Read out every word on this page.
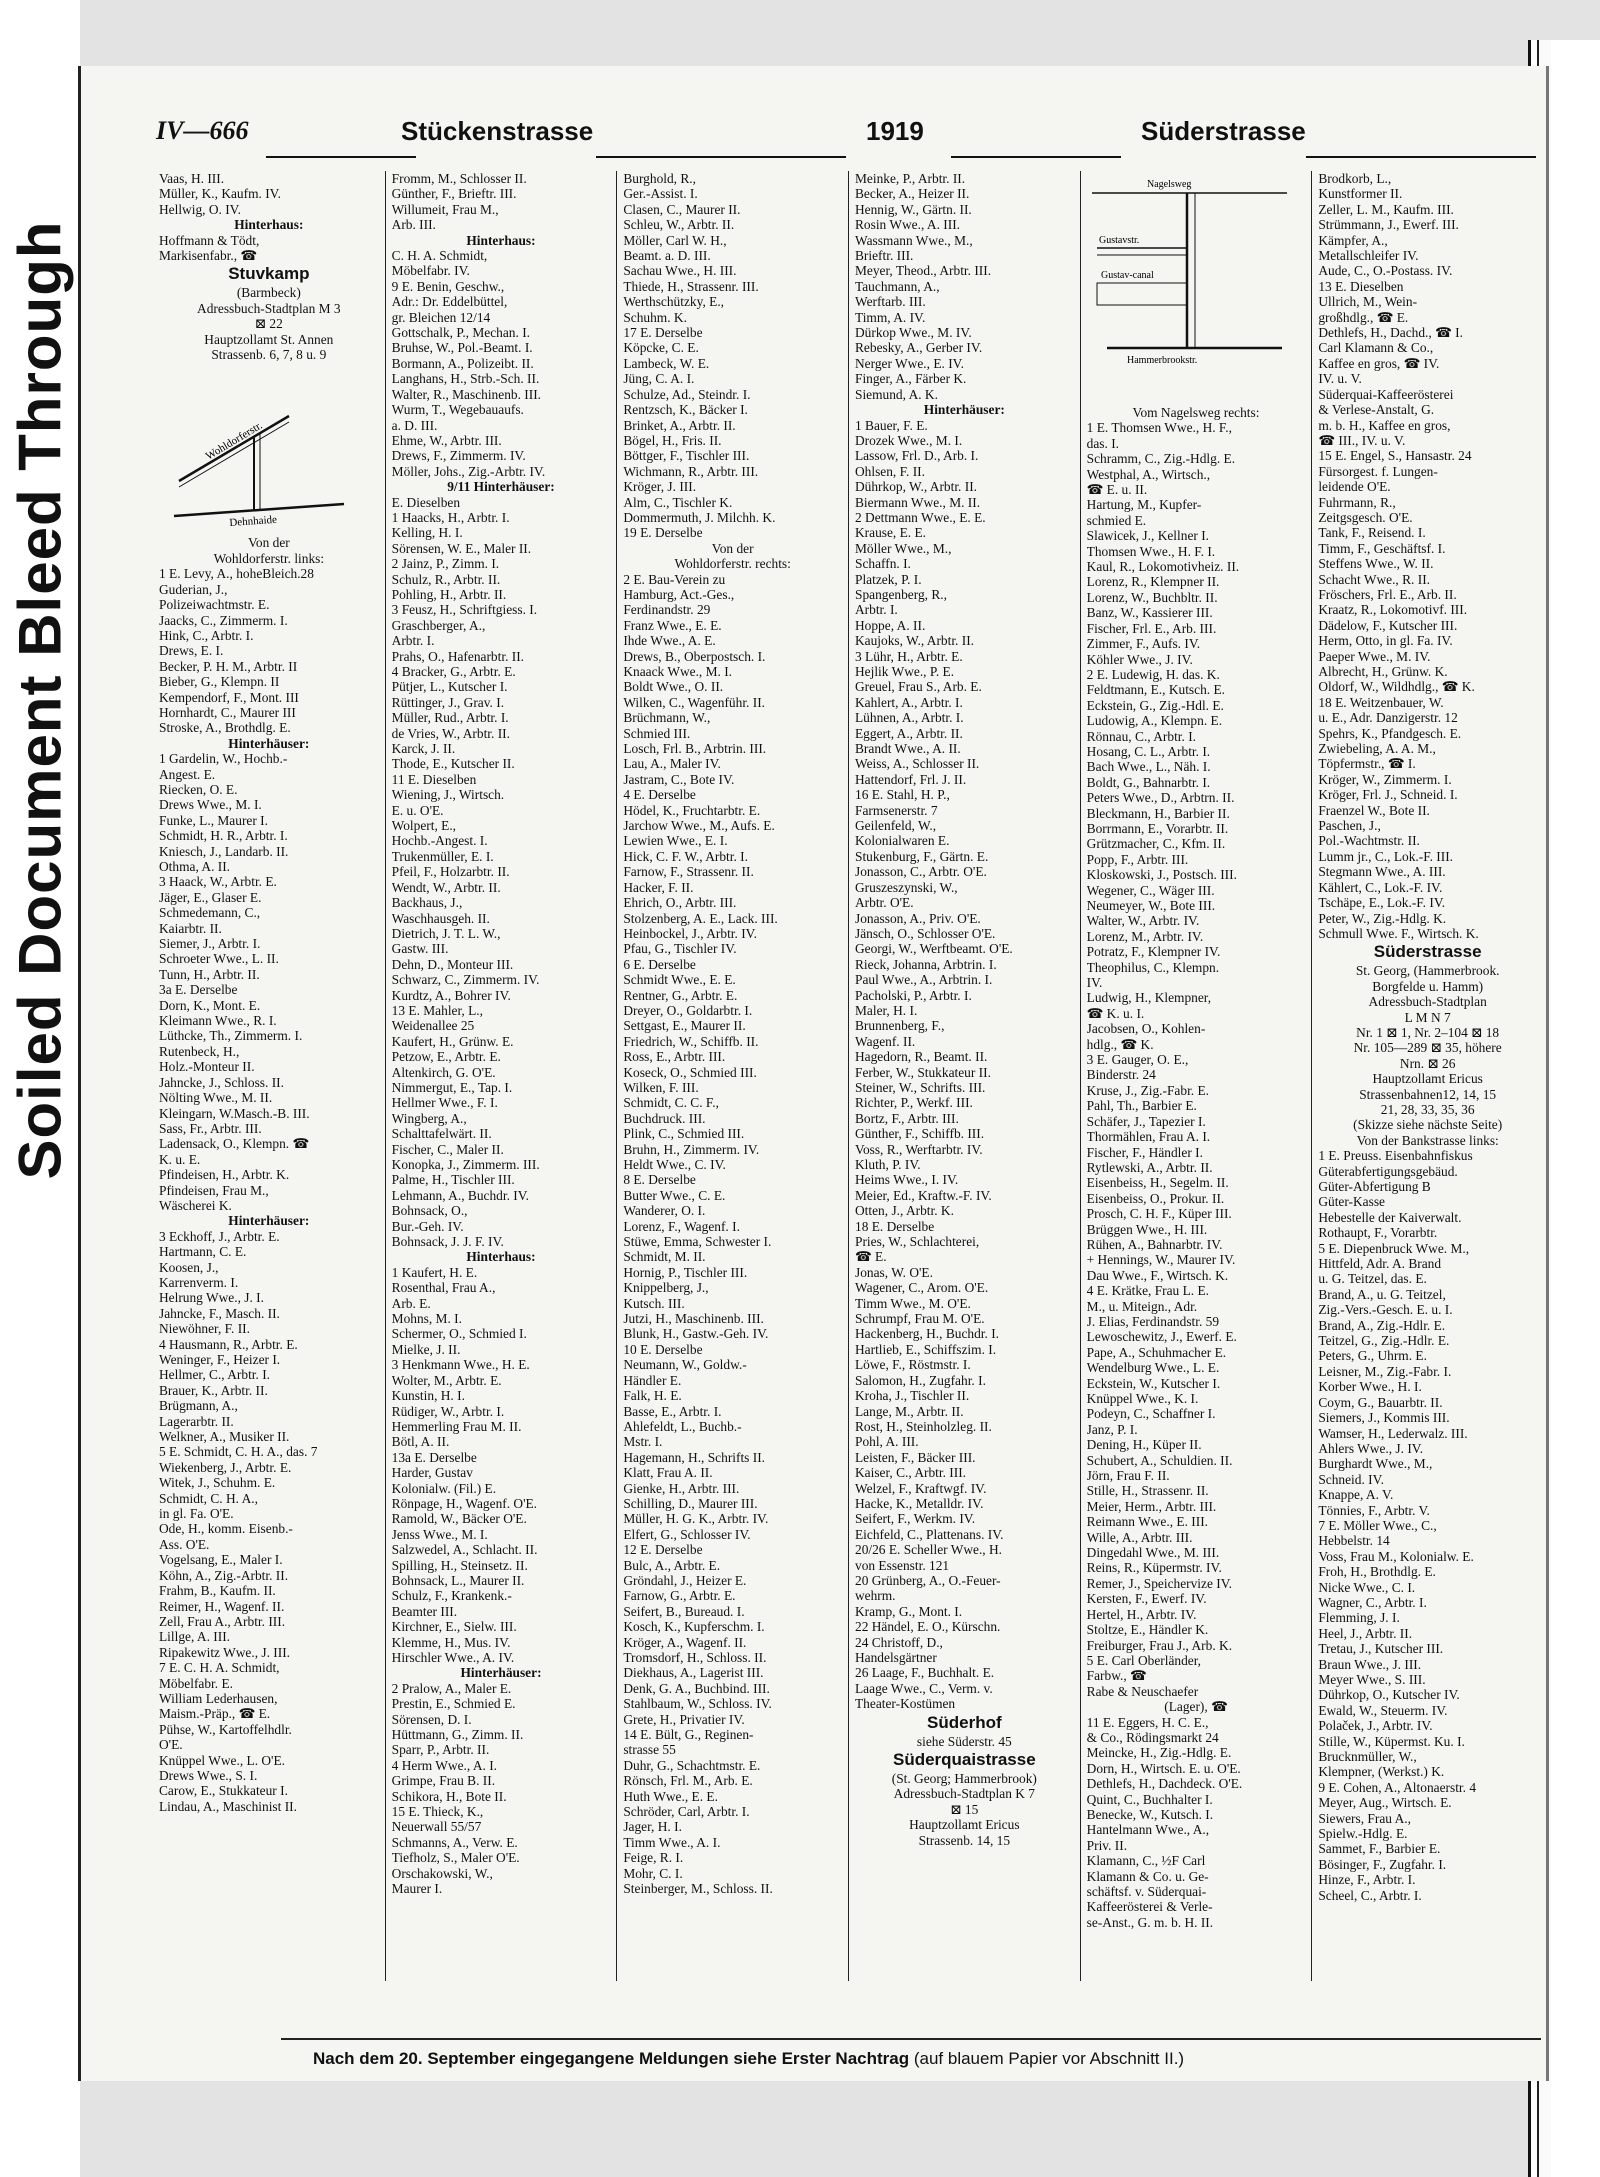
Soiled Document Bleed Through
IV—666	Stückenstrasse	1919	Süderstrasse
Vaas, H. III.
Müller, K., Kaufm. IV.
Hellwig, O. IV.
Hinterhaus:
Hoffmann & Tödt,
Markisenfabr., ☎
Stuvkamp
(Barmbeck)
Adressbuch-Stadtplan M 3
⊠ 22
Hauptzollamt St. Annen
Strassenb. 6, 7, 8 u. 9
Wohldorferstr.
Dehnhaide
Von der
Wohldorferstr. links:
1 E. Levy, A., hoheBleich.28
Guderian, J.,
Polizeiwachtmstr. E.
Jaacks, C., Zimmerm. I.
Hink, C., Arbtr. I.
Drews, E. I.
Becker, P. H. M., Arbtr. II
Bieber, G., Klempn. II
Kempendorf, F., Mont. III
Hornhardt, C., Maurer III
Stroske, A., Brothdlg. E.
Hinterhäuser:
1 Gardelin, W., Hochb.-
Angest. E.
Riecken, O. E.
Drews Wwe., M. I.
Funke, L., Maurer I.
Schmidt, H. R., Arbtr. I.
Kniesch, J., Landarb. II.
Othma, A. II.
3 Haack, W., Arbtr. E.
Jäger, E., Glaser E.
Schmedemann, C.,
Kaiarbtr. II.
Siemer, J., Arbtr. I.
Schroeter Wwe., L. II.
Tunn, H., Arbtr. II.
3a E. Derselbe
Dorn, K., Mont. E.
Kleimann Wwe., R. I.
Lüthcke, Th., Zimmerm. I.
Rutenbeck, H.,
Holz.-Monteur II.
Jahncke, J., Schloss. II.
Nölting Wwe., M. II.
Kleingarn, W.Masch.-B. III.
Sass, Fr., Arbtr. III.
Ladensack, O., Klempn. ☎
K. u. E.
Pfindeisen, H., Arbtr. K.
Pfindeisen, Frau M.,
Wäscherei K.
Hinterhäuser:
3 Eckhoff, J., Arbtr. E.
Hartmann, C. E.
Koosen, J.,
Karrenverm. I.
Helrung Wwe., J. I.
Jahncke, F., Masch. II.
Niewöhner, F. II.
4 Hausmann, R., Arbtr. E.
Weninger, F., Heizer I.
Hellmer, C., Arbtr. I.
Brauer, K., Arbtr. II.
Brügmann, A.,
Lagerarbtr. II.
Welkner, A., Musiker II.
5 E. Schmidt, C. H. A., das. 7
Wiekenberg, J., Arbtr. E.
Witek, J., Schuhm. E.
Schmidt, C. H. A.,
in gl. Fa. O'E.
Ode, H., komm. Eisenb.-
Ass. O'E.
Vogelsang, E., Maler I.
Köhn, A., Zig.-Arbtr. II.
Frahm, B., Kaufm. II.
Reimer, H., Wagenf. II.
Zell, Frau A., Arbtr. III.
Lillge, A. III.
Ripakewitz Wwe., J. III.
7 E. C. H. A. Schmidt,
Möbelfabr. E.
William Lederhausen,
Maism.-Präp., ☎ E.
Pühse, W., Kartoffelhdlr.
O'E.
Knüppel Wwe., L. O'E.
Drews Wwe., S. I.
Carow, E., Stukkateur I.
Lindau, A., Maschinist II.
Fromm, M., Schlosser II.
Günther, F., Brieftr. III.
Willumeit, Frau M.,
Arb. III.
Hinterhaus:
C. H. A. Schmidt,
Möbelfabr. IV.
9 E. Benin, Geschw.,
Adr.: Dr. Eddelbüttel,
gr. Bleichen 12/14
Gottschalk, P., Mechan. I.
Bruhse, W., Pol.-Beamt. I.
Bormann, A., Polizeibt. II.
Langhans, H., Strb.-Sch. II.
Walter, R., Maschinenb. III.
Wurm, T., Wegebauaufs.
a. D. III.
Ehme, W., Arbtr. III.
Drews, F., Zimmerm. IV.
Möller, Johs., Zig.-Arbtr. IV.
9/11 Hinterhäuser:
E. Dieselben
1 Haacks, H., Arbtr. I.
Kelling, H. I.
Sörensen, W. E., Maler II.
2 Jainz, P., Zimm. I.
Schulz, R., Arbtr. II.
Pohling, H., Arbtr. II.
3 Feusz, H., Schriftgiess. I.
Graschberger, A.,
Arbtr. I.
Prahs, O., Hafenarbtr. II.
4 Bracker, G., Arbtr. E.
Pütjer, L., Kutscher I.
Rüttinger, J., Grav. I.
Müller, Rud., Arbtr. I.
de Vries, W., Arbtr. II.
Karck, J. II.
Thode, E., Kutscher II.
11 E. Dieselben
Wiening, J., Wirtsch.
E. u. O'E.
Wolpert, E.,
Hochb.-Angest. I.
Trukenmüller, E. I.
Pfeil, F., Holzarbtr. II.
Wendt, W., Arbtr. II.
Backhaus, J.,
Waschhausgeh. II.
Dietrich, J. T. L. W.,
Gastw. III.
Dehn, D., Monteur III.
Schwarz, C., Zimmerm. IV.
Kurdtz, A., Bohrer IV.
13 E. Mahler, L.,
Weidenallee 25
Kaufert, H., Grünw. E.
Petzow, E., Arbtr. E.
Altenkirch, G. O'E.
Nimmergut, E., Tap. I.
Hellmer Wwe., F. I.
Wingberg, A.,
Schalttafelwärt. II.
Fischer, C., Maler II.
Konopka, J., Zimmerm. III.
Palme, H., Tischler III.
Lehmann, A., Buchdr. IV.
Bohnsack, O.,
Bur.-Geh. IV.
Bohnsack, J. J. F. IV.
Hinterhaus:
1 Kaufert, H. E.
Rosenthal, Frau A.,
Arb. E.
Mohns, M. I.
Schermer, O., Schmied I.
Mielke, J. II.
3 Henkmann Wwe., H. E.
Wolter, M., Arbtr. E.
Kunstin, H. I.
Rüdiger, W., Arbtr. I.
Hemmerling Frau M. II.
Bötl, A. II.
13a E. Derselbe
Harder, Gustav
Kolonialw. (Fil.) E.
Rönpage, H., Wagenf. O'E.
Ramold, W., Bäcker O'E.
Jenss Wwe., M. I.
Salzwedel, A., Schlacht. II.
Spilling, H., Steinsetz. II.
Bohnsack, L., Maurer II.
Schulz, F., Krankenk.-
Beamter III.
Kirchner, E., Sielw. III.
Klemme, H., Mus. IV.
Hirschler Wwe., A. IV.
Hinterhäuser:
2 Pralow, A., Maler E.
Prestin, E., Schmied E.
Sörensen, D. I.
Hüttmann, G., Zimm. II.
Sparr, P., Arbtr. II.
4 Herm Wwe., A. I.
Grimpe, Frau B. II.
Schikora, H., Bote II.
15 E. Thieck, K.,
Neuerwall 55/57
Schmanns, A., Verw. E.
Tiefholz, S., Maler O'E.
Orschakowski, W.,
Maurer I.
Burghold, R.,
Ger.-Assist. I.
Clasen, C., Maurer II.
Schleu, W., Arbtr. II.
Möller, Carl W. H.,
Beamt. a. D. III.
Sachau Wwe., H. III.
Thiede, H., Strassenr. III.
Werthschützky, E.,
Schuhm. K.
17 E. Derselbe
Köpcke, C. E.
Lambeck, W. E.
Jüng, C. A. I.
Schulze, Ad., Steindr. I.
Rentzsch, K., Bäcker I.
Brinket, A., Arbtr. II.
Bögel, H., Fris. II.
Böttger, F., Tischler III.
Wichmann, R., Arbtr. III.
Kröger, J. III.
Alm, C., Tischler K.
Dommermuth, J. Milchh. K.
19 E. Derselbe
Von der
Wohldorferstr. rechts:
2 E. Bau-Verein zu
Hamburg, Act.-Ges.,
Ferdinandstr. 29
Franz Wwe., E. E.
Ihde Wwe., A. E.
Drews, B., Oberpostsch. I.
Knaack Wwe., M. I.
Boldt Wwe., O. II.
Wilken, C., Wagenführ. II.
Brüchmann, W.,
Schmied III.
Losch, Frl. B., Arbtrin. III.
Lau, A., Maler IV.
Jastram, C., Bote IV.
4 E. Derselbe
Hödel, K., Fruchtarbtr. E.
Jarchow Wwe., M., Aufs. E.
Lewien Wwe., E. I.
Hick, C. F. W., Arbtr. I.
Farnow, F., Strassenr. II.
Hacker, F. II.
Ehrich, O., Arbtr. III.
Stolzenberg, A. E., Lack. III.
Heinbockel, J., Arbtr. IV.
Pfau, G., Tischler IV.
6 E. Derselbe
Schmidt Wwe., E. E.
Rentner, G., Arbtr. E.
Dreyer, O., Goldarbtr. I.
Settgast, E., Maurer II.
Friedrich, W., Schiffb. II.
Ross, E., Arbtr. III.
Koseck, O., Schmied III.
Wilken, F. III.
Schmidt, C. C. F.,
Buchdruck. III.
Plink, C., Schmied III.
Bruhn, H., Zimmerm. IV.
Heldt Wwe., C. IV.
8 E. Derselbe
Butter Wwe., C. E.
Wanderer, O. I.
Lorenz, F., Wagenf. I.
Stüwe, Emma, Schwester I.
Schmidt, M. II.
Hornig, P., Tischler III.
Knippelberg, J.,
Kutsch. III.
Jutzi, H., Maschinenb. III.
Blunk, H., Gastw.-Geh. IV.
10 E. Derselbe
Neumann, W., Goldw.-
Händler E.
Falk, H. E.
Basse, E., Arbtr. I.
Ahlefeldt, L., Buchb.-
Mstr. I.
Hagemann, H., Schrifts II.
Klatt, Frau A. II.
Gienke, H., Arbtr. III.
Schilling, D., Maurer III.
Müller, H. G. K., Arbtr. IV.
Elfert, G., Schlosser IV.
12 E. Derselbe
Bulc, A., Arbtr. E.
Gröndahl, J., Heizer E.
Farnow, G., Arbtr. E.
Seifert, B., Bureaud. I.
Kosch, K., Kupferschm. I.
Kröger, A., Wagenf. II.
Tromsdorf, H., Schloss. II.
Diekhaus, A., Lagerist III.
Denk, G. A., Buchbind. III.
Stahlbaum, W., Schloss. IV.
Grete, H., Privatier IV.
14 E. Bült, G., Reginen-
strasse 55
Duhr, G., Schachtmstr. E.
Rönsch, Frl. M., Arb. E.
Huth Wwe., E. E.
Schröder, Carl, Arbtr. I.
Jager, H. I.
Timm Wwe., A. I.
Feige, R. I.
Mohr, C. I.
Steinberger, M., Schloss. II.
Meinke, P., Arbtr. II.
Becker, A., Heizer II.
Hennig, W., Gärtn. II.
Rosin Wwe., A. III.
Wassmann Wwe., M.,
Brieftr. III.
Meyer, Theod., Arbtr. III.
Tauchmann, A.,
Werftarb. III.
Timm, A. IV.
Dürkop Wwe., M. IV.
Rebesky, A., Gerber IV.
Nerger Wwe., E. IV.
Finger, A., Färber K.
Siemund, A. K.
Hinterhäuser:
1 Bauer, F. E.
Drozek Wwe., M. I.
Lassow, Frl. D., Arb. I.
Ohlsen, F. II.
Dührkop, W., Arbtr. II.
Biermann Wwe., M. II.
2 Dettmann Wwe., E. E.
Krause, E. E.
Möller Wwe., M.,
Schaffn. I.
Platzek, P. I.
Spangenberg, R.,
Arbtr. I.
Hoppe, A. II.
Kaujoks, W., Arbtr. II.
3 Lühr, H., Arbtr. E.
Hejlik Wwe., P. E.
Greuel, Frau S., Arb. E.
Kahlert, A., Arbtr. I.
Lühnen, A., Arbtr. I.
Eggert, A., Arbtr. II.
Brandt Wwe., A. II.
Weiss, A., Schlosser II.
Hattendorf, Frl. J. II.
16 E. Stahl, H. P.,
Farmsenerstr. 7
Geilenfeld, W.,
Kolonialwaren E.
Stukenburg, F., Gärtn. E.
Jonasson, C., Arbtr. O'E.
Gruszeszynski, W.,
Arbtr. O'E.
Jonasson, A., Priv. O'E.
Jänsch, O., Schlosser O'E.
Georgi, W., Werftbeamt. O'E.
Rieck, Johanna, Arbtrin. I.
Paul Wwe., A., Arbtrin. I.
Pacholski, P., Arbtr. I.
Maler, H. I.
Brunnenberg, F.,
Wagenf. II.
Hagedorn, R., Beamt. II.
Ferber, W., Stukkateur II.
Steiner, W., Schrifts. III.
Richter, P., Werkf. III.
Bortz, F., Arbtr. III.
Günther, F., Schiffb. III.
Voss, R., Werftarbtr. IV.
Kluth, P. IV.
Heims Wwe., I. IV.
Meier, Ed., Kraftw.-F. IV.
Otten, J., Arbtr. K.
18 E. Derselbe
Pries, W., Schlachterei,
☎ E.
Jonas, W. O'E.
Wagener, C., Arom. O'E.
Timm Wwe., M. O'E.
Schrumpf, Frau M. O'E.
Hackenberg, H., Buchdr. I.
Hartlieb, E., Schiffszim. I.
Löwe, F., Röstmstr. I.
Salomon, H., Zugfahr. I.
Kroha, J., Tischler II.
Lange, M., Arbtr. II.
Rost, H., Steinholzleg. II.
Pohl, A. III.
Leisten, F., Bäcker III.
Kaiser, C., Arbtr. III.
Welzel, F., Kraftwgf. IV.
Hacke, K., Metalldr. IV.
Seifert, F., Werkm. IV.
Eichfeld, C., Plattenans. IV.
20/26 E. Scheller Wwe., H.
von Essenstr. 121
20 Grünberg, A., O.-Feuer-
wehrm.
Kramp, G., Mont. I.
22 Händel, E. O., Kürschn.
24 Christoff, D.,
Handelsgärtner
26 Laage, F., Buchhalt. E.
Laage Wwe., C., Verm. v.
Theater-Kostümen
Süderhof
siehe Süderstr. 45
Süderquaistrasse
(St. Georg; Hammerbrook)
Adressbuch-Stadtplan K 7
⊠ 15
Hauptzollamt Ericus
Strassenb. 14, 15
Nagelsweg
Gustavstr.
Gustav-canal
Hammerbrookstr.
Vom Nagelsweg rechts:
1 E. Thomsen Wwe., H. F.,
das. I.
Schramm, C., Zig.-Hdlg. E.
Westphal, A., Wirtsch.,
☎ E. u. II.
Hartung, M., Kupfer-
schmied E.
Slawicek, J., Kellner I.
Thomsen Wwe., H. F. I.
Kaul, R., Lokomotivheiz. II.
Lorenz, R., Klempner II.
Lorenz, W., Buchbltr. II.
Banz, W., Kassierer III.
Fischer, Frl. E., Arb. III.
Zimmer, F., Aufs. IV.
Köhler Wwe., J. IV.
2 E. Ludewig, H. das. K.
Feldtmann, E., Kutsch. E.
Eckstein, G., Zig.-Hdl. E.
Ludowig, A., Klempn. E.
Rönnau, C., Arbtr. I.
Hosang, C. L., Arbtr. I.
Bach Wwe., L., Näh. I.
Boldt, G., Bahnarbtr. I.
Peters Wwe., D., Arbtrn. II.
Bleckmann, H., Barbier II.
Borrmann, E., Vorarbtr. II.
Grützmacher, C., Kfm. II.
Popp, F., Arbtr. III.
Kloskowski, J., Postsch. III.
Wegener, C., Wäger III.
Neumeyer, W., Bote III.
Walter, W., Arbtr. IV.
Lorenz, M., Arbtr. IV.
Potratz, F., Klempner IV.
Theophilus, C., Klempn.
IV.
Ludwig, H., Klempner,
☎ K. u. I.
Jacobsen, O., Kohlen-
hdlg., ☎ K.
3 E. Gauger, O. E.,
Binderstr. 24
Kruse, J., Zig.-Fabr. E.
Pahl, Th., Barbier E.
Schäfer, J., Tapezier I.
Thormählen, Frau A. I.
Fischer, F., Händler I.
Rytlewski, A., Arbtr. II.
Eisenbeiss, H., Segelm. II.
Eisenbeiss, O., Prokur. II.
Prosch, C. H. F., Küper III.
Brüggen Wwe., H. III.
Rühen, A., Bahnarbtr. IV.
+ Hennings, W., Maurer IV.
Dau Wwe., F., Wirtsch. K.
4 E. Krätke, Frau L. E.
M., u. Miteign., Adr.
J. Elias, Ferdinandstr. 59
Lewoschewitz, J., Ewerf. E.
Pape, A., Schuhmacher E.
Wendelburg Wwe., L. E.
Eckstein, W., Kutscher I.
Knüppel Wwe., K. I.
Podeyn, C., Schaffner I.
Janz, P. I.
Dening, H., Küper II.
Schubert, A., Schuldien. II.
Jörn, Frau F. II.
Stille, H., Strassenr. II.
Meier, Herm., Arbtr. III.
Reimann Wwe., E. III.
Wille, A., Arbtr. III.
Dingedahl Wwe., M. III.
Reins, R., Küpermstr. IV.
Remer, J., Speichervize IV.
Kersten, F., Ewerf. IV.
Hertel, H., Arbtr. IV.
Stoltze, E., Händler K.
Freiburger, Frau J., Arb. K.
5 E. Carl Oberländer,
Farbw., ☎
Rabe & Neuschaefer
(Lager), ☎
11 E. Eggers, H. C. E.,
& Co., Rödingsmarkt 24
Meincke, H., Zig.-Hdlg. E.
Dorn, H., Wirtsch. E. u. O'E.
Dethlefs, H., Dachdeck. O'E.
Quint, C., Buchhalter I.
Benecke, W., Kutsch. I.
Hantelmann Wwe., A.,
Priv. II.
Klamann, C., ½F Carl
Klamann & Co. u. Ge-
schäftsf. v. Süderquai-
Kaffeerösterei & Verle-
se-Anst., G. m. b. H. II.
Brodkorb, L.,
Kunstformer II.
Zeller, L. M., Kaufm. III.
Strümmann, J., Ewerf. III.
Kämpfer, A.,
Metallschleifer IV.
Aude, C., O.-Postass. IV.
13 E. Dieselben
Ullrich, M., Wein-
großhdlg., ☎ E.
Dethlefs, H., Dachd., ☎ I.
Carl Klamann & Co.,
Kaffee en gros, ☎ IV.
IV. u. V.
Süderquai-Kaffeerösterei
& Verlese-Anstalt, G.
m. b. H., Kaffee en gros,
☎ III., IV. u. V.
15 E. Engel, S., Hansastr. 24
Fürsorgest. f. Lungen-
leidende O'E.
Fuhrmann, R.,
Zeitgsgesch. O'E.
Tank, F., Reisend. I.
Timm, F., Geschäftsf. I.
Steffens Wwe., W. II.
Schacht Wwe., R. II.
Fröschers, Frl. E., Arb. II.
Kraatz, R., Lokomotivf. III.
Dädelow, F., Kutscher III.
Herm, Otto, in gl. Fa. IV.
Paeper Wwe., M. IV.
Albrecht, H., Grünw. K.
Oldorf, W., Wildhdlg., ☎ K.
18 E. Weitzenbauer, W.
u. E., Adr. Danzigerstr. 12
Spehrs, K., Pfandgesch. E.
Zwiebeling, A. A. M.,
Töpfermstr., ☎ I.
Kröger, W., Zimmerm. I.
Kröger, Frl. J., Schneid. I.
Fraenzel W., Bote II.
Paschen, J.,
Pol.-Wachtmstr. II.
Lumm jr., C., Lok.-F. III.
Stegmann Wwe., A. III.
Kählert, C., Lok.-F. IV.
Tschäpe, E., Lok.-F. IV.
Peter, W., Zig.-Hdlg. K.
Schmull Wwe. F., Wirtsch. K.
Süderstrasse
St. Georg, (Hammerbrook.
Borgfelde u. Hamm)
Adressbuch-Stadtplan
L M N 7
Nr. 1 ⊠ 1, Nr. 2–104 ⊠ 18
Nr. 105—289 ⊠ 35, höhere
Nrn. ⊠ 26
Hauptzollamt Ericus
Strassenbahnen12, 14, 15
21, 28, 33, 35, 36
(Skizze siehe nächste Seite)
Von der Bankstrasse links:
1 E. Preuss. Eisenbahnfiskus
Güterabfertigungsgebäud.
Güter-Abfertigung B
Güter-Kasse
Hebestelle der Kaiverwalt.
Rothaupt, F., Vorarbtr.
5 E. Diepenbruck Wwe. M.,
Hittfeld, Adr. A. Brand
u. G. Teitzel, das. E.
Brand, A., u. G. Teitzel,
Zig.-Vers.-Gesch. E. u. I.
Brand, A., Zig.-Hdlr. E.
Teitzel, G., Zig.-Hdlr. E.
Peters, G., Uhrm. E.
Leisner, M., Zig.-Fabr. I.
Korber Wwe., H. I.
Coym, G., Bauarbtr. II.
Siemers, J., Kommis III.
Wamser, H., Lederwalz. III.
Ahlers Wwe., J. IV.
Burghardt Wwe., M.,
Schneid. IV.
Knappe, A. V.
Tönnies, F., Arbtr. V.
7 E. Möller Wwe., C.,
Hebbelstr. 14
Voss, Frau M., Kolonialw. E.
Froh, H., Brothdlg. E.
Nicke Wwe., C. I.
Wagner, C., Arbtr. I.
Flemming, J. I.
Heel, J., Arbtr. II.
Tretau, J., Kutscher III.
Braun Wwe., J. III.
Meyer Wwe., S. III.
Dührkop, O., Kutscher IV.
Ewald, W., Steuerm. IV.
Polaček, J., Arbtr. IV.
Stille, W., Küpermst. Ku. I.
Brucknmüller, W.,
Klempner, (Werkst.) K.
9 E. Cohen, A., Altonaerstr. 4
Meyer, Aug., Wirtsch. E.
Siewers, Frau A.,
Spielw.-Hdlg. E.
Sammet, F., Barbier E.
Bösinger, F., Zugfahr. I.
Hinze, F., Arbtr. I.
Scheel, C., Arbtr. I.
Nach dem 20. September eingegangene Meldungen siehe Erster Nachtrag (auf blauem Papier vor Abschnitt II.)
